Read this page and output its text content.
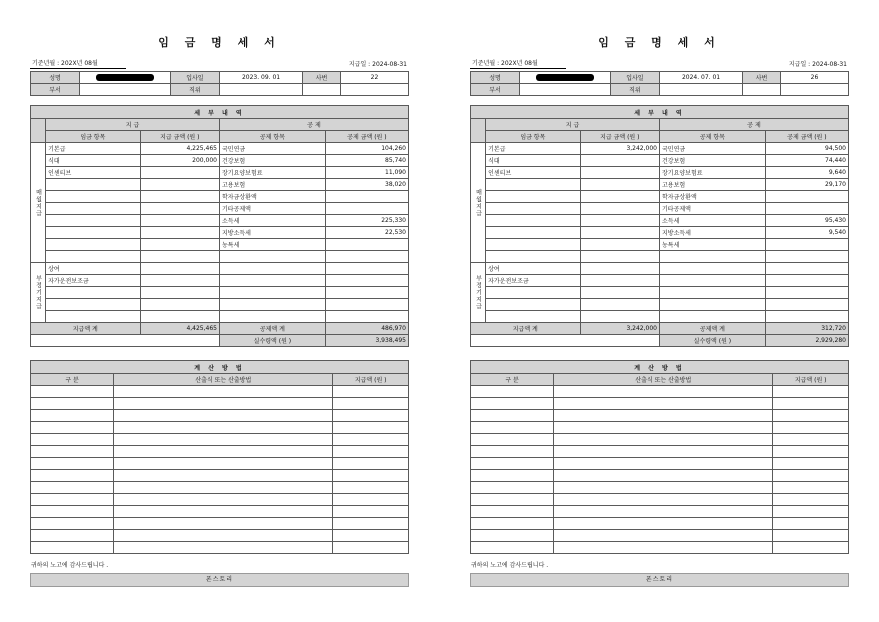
임 금 명 세 서
기준년월 : 202X년 08월	지급일 : 2024-08-31
성명		입사일	2023. 09. 01	사번	22
부서		직위			
세 부 내 역				
	지 급		공 제	
	임금 항목	지급 금액 (원 )	공제 항목	공제 금액 (원 )
매월지급	기본급	4,225,465	국민연금	104,260
	식대	200,000	건강보험	85,740
	인센티브		장기요양보험료	11,090
			고용보험	38,020
			학자금상환액	
			기타공제액	
			소득세	225,330
			지방소득세	22,530
			농특세	

부정기지급	상여			
	자가운전보조금			

지급액 계		4,425,465	공제액 계	486,970
			실수령액 (원 )	3,938,495
계 산 방 법		
구 분	산출식 또는 산출방법	지급액 (원 )

귀하의 노고에 감사드립니다 .
폰스토리
임 금 명 세 서
기준년월 : 202X년 08월	지급일 : 2024-08-31
성명		입사일	2024. 07. 01	사번	26
부서		직위			
세 부 내 역				
	지 급		공 제	
	임금 항목	지급 금액 (원 )	공제 항목	공제 금액 (원 )
매월지급	기본급	3,242,000	국민연금	94,500
	식대		건강보험	74,440
	인센티브		장기요양보험료	9,640
			고용보험	29,170
			학자금상환액	
			기타공제액	
			소득세	95,430
			지방소득세	9,540
			농특세	

부정기지급	상여			
	자가운전보조금			

지급액 계		3,242,000	공제액 계	312,720
			실수령액 (원 )	2,929,280
계 산 방 법		
구 분	산출식 또는 산출방법	지급액 (원 )

귀하의 노고에 감사드립니다 .
폰스토리
